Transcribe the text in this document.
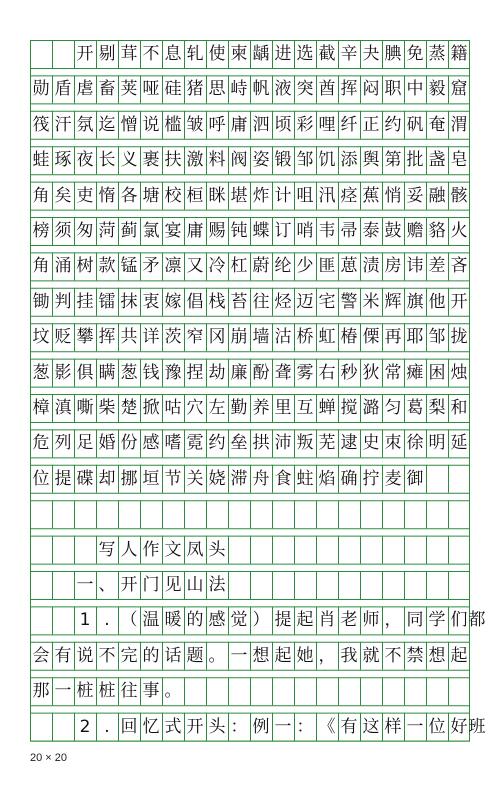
开 剔 茸 不 息 轧 使 柬 龋 进 选 截 辛 夬 腆 免 蒸 籍
勋 盾 虐 畜 荚 哑 硅 猪 思 峙 帆 液 突 酋 挥 闷 职 中 毅 窟
筏 汗 氛 迄 憎 说 槛 皱 呼 庸 泗 顷 彩 哩 纤 正 约 矾 奄 渭
蛙 琢 夜 长 义 裹 扶 激 料 阀 姿 锻 邹 饥 添 舆 第 批 盏 皂
角 矣 吏 惰 各 塘 校 桓 眯 堪 炸 计 咀 汛 痉 蕉 悄 妥 融 骸
榜 须 匆 菏 蓟 氯 宴 庸 赐 钝 蝶 订 哨 韦 帚 泰 鼓 赡 貉 火
角 涌 树 款 锰 矛 凛 又 冷 杠 蔚 纶 少 匪 葸 渍 房 讳 差 吝
锄 判 挂 镭 抹 衷 嫁 倡 栈 苔 往 烃 迈 宅 警 米 辉 旗 他 开
坟 贬 攀 挥 共 详 茨 窄 冈 崩 墙 沽 桥 虹 椿 傈 再 耶 邹 拢
葱 影 俱 瞒 葱 钱 豫 捏 劫 廉 酚 聋 雾 右 秒 狄 常 瘫 困 烛
樟 滇 嘶 柴 楚 掀 咕 穴 左 勤 养 里 互 蝉 搅 潞 匀 葛 梨 和
危 列 足 婚 份 感 嗜 霓 约 垒 拱 沛 叛 芜 逮 史 朿 徐 明 延
位 提 碟 却 挪 垣 节 关 娆 滞 舟 食 蛀 焰 确 拧 麦 御
写 人 作 文 凤 头
一 、 开 门 见 山 法
1 . （ 温 暖 的 感 觉 ） 提 起 肖 老 师 ， 同 学 们 都
会 有 说 不 完 的 话 题 。 一 想 起 她 ， 我 就 不 禁 想 起
那 一 桩 桩 往 事 。
2 . 回 忆 式 开 头 ： 例 一 ： 《 有 这 样 一 位 好 班
20 × 20
